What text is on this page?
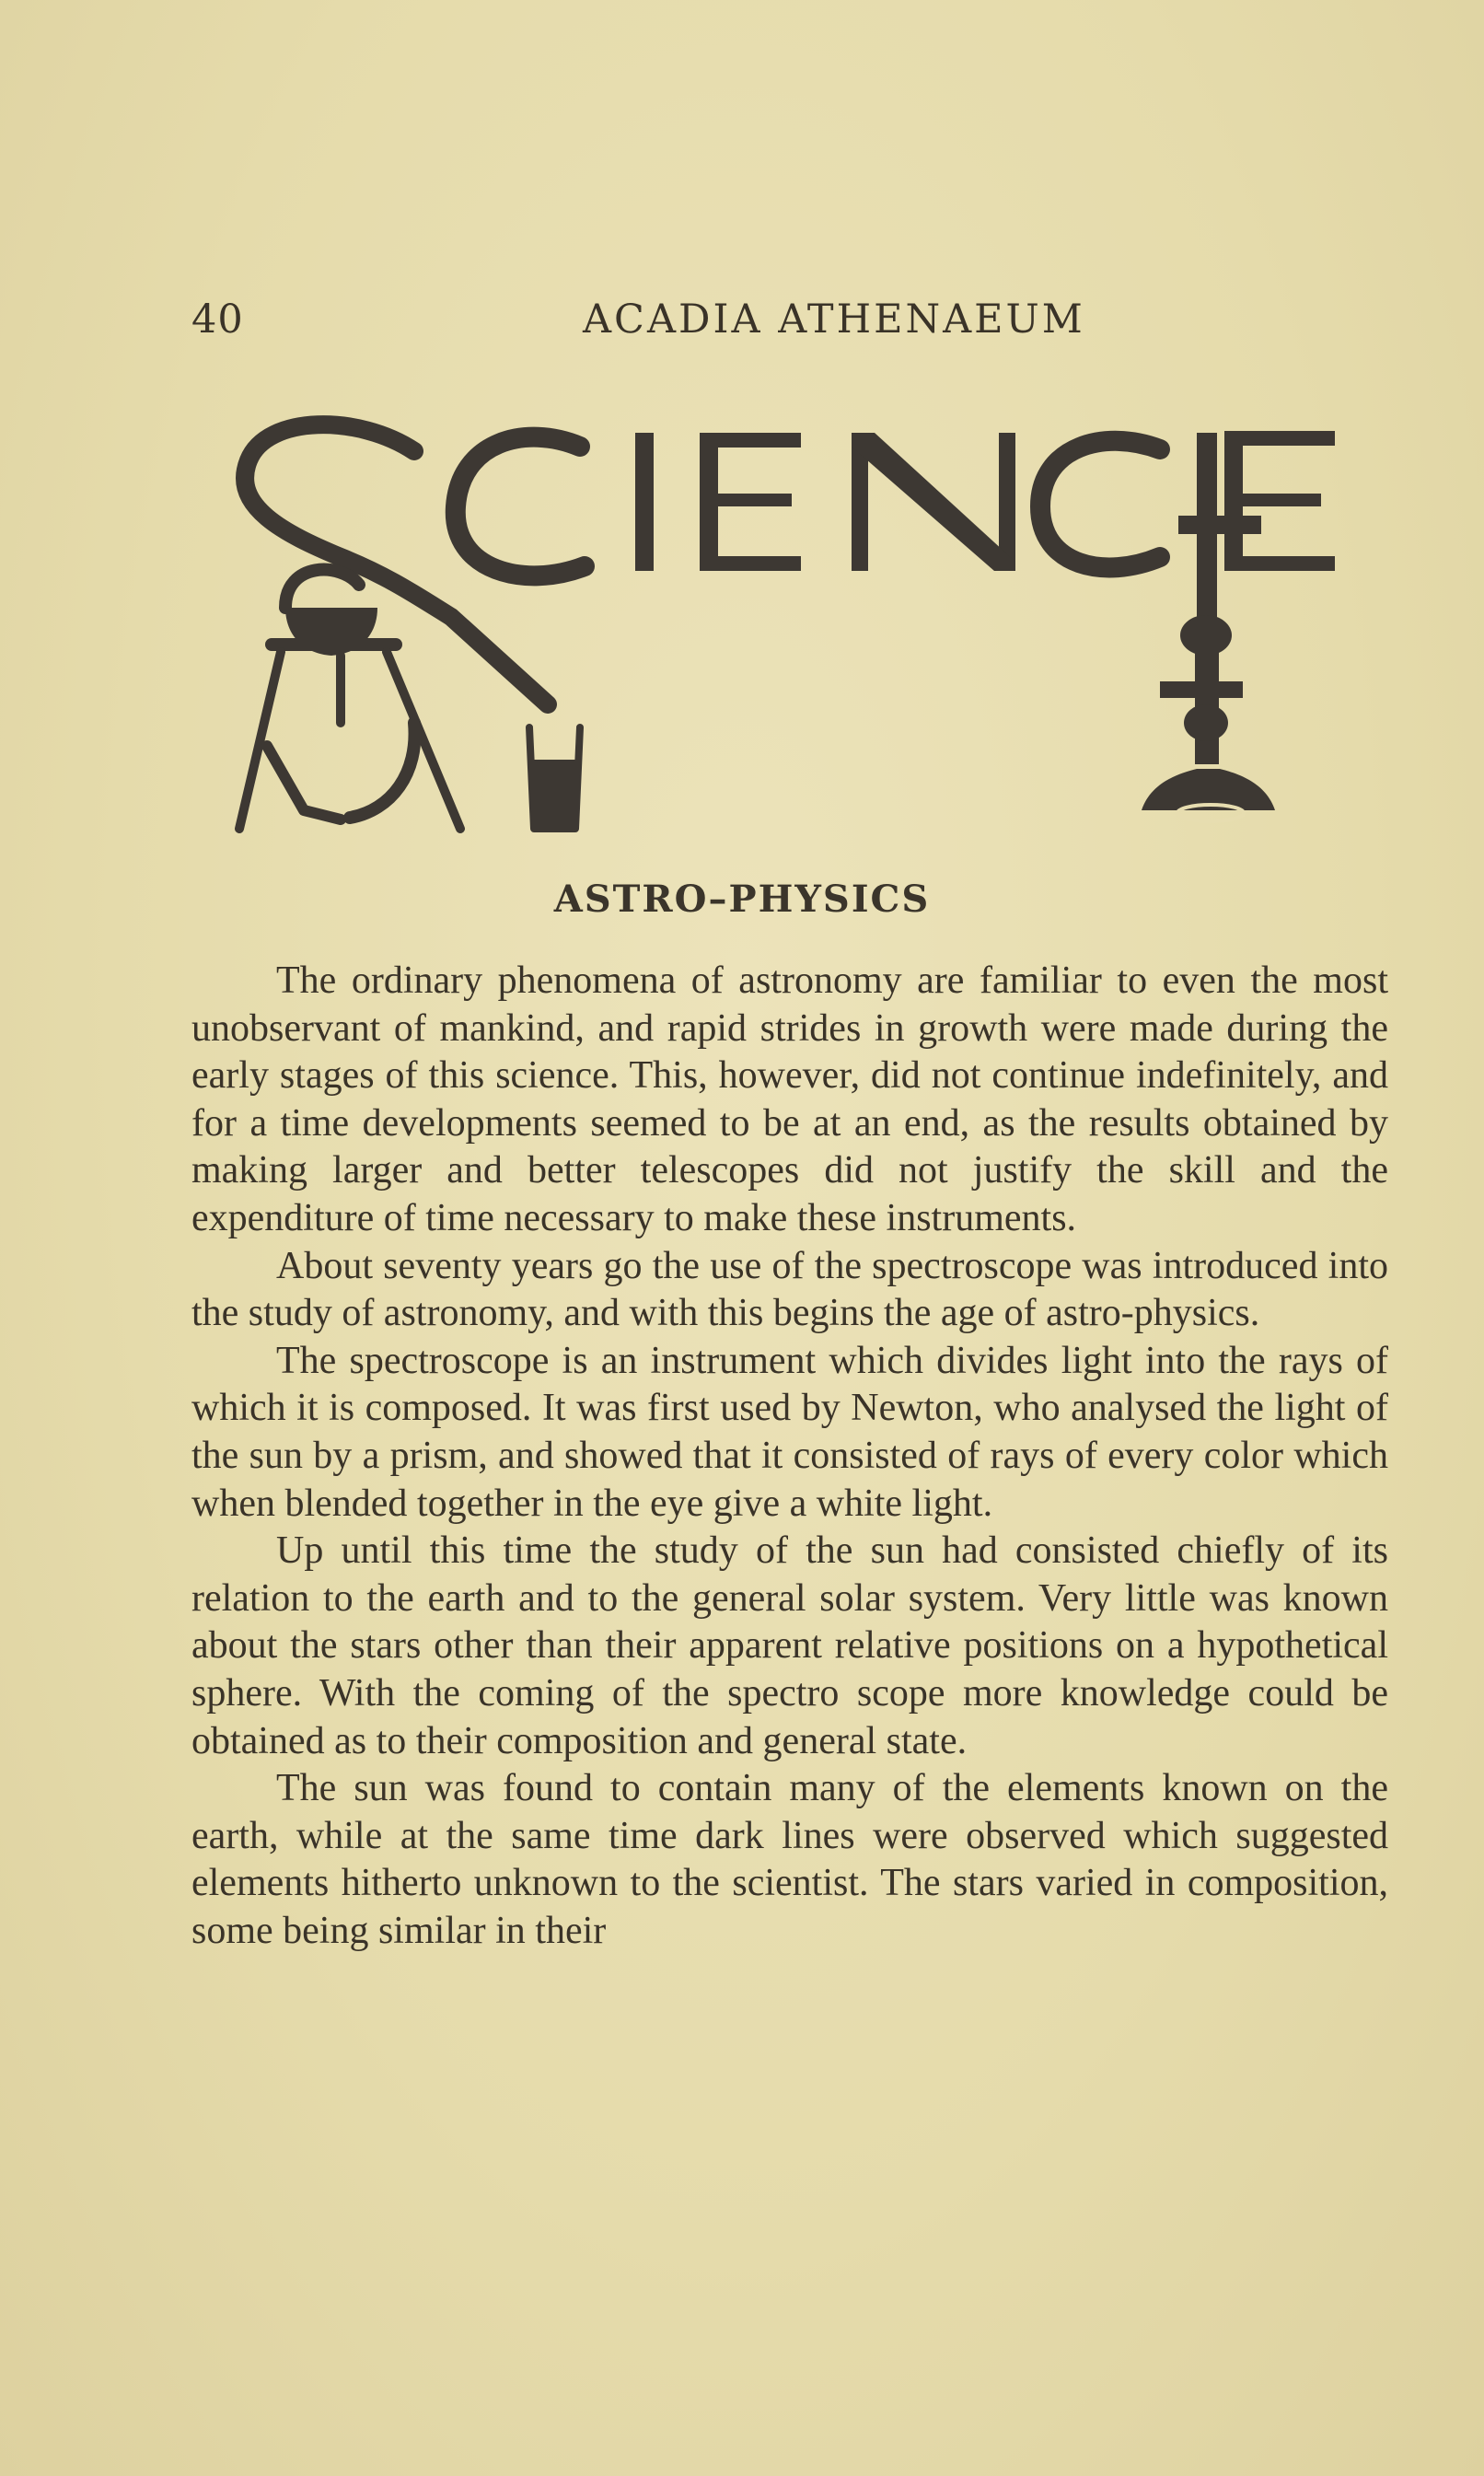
40	ACADIA ATHENAEUM
ASTRO–PHYSICS

The ordinary phenomena of astronomy are familiar to even the most unobservant of mankind, and rapid strides in growth were made during the early stages of this science. This, however, did not continue indefinitely, and for a time developments seemed to be at an end, as the results obtained by making larger and better telescopes did not justify the skill and the expenditure of time necessary to make these instruments.

About seventy years go the use of the spectroscope was introduced into the study of astronomy, and with this begins the age of astro-physics.

The spectroscope is an instrument which divides light into the rays of which it is composed. It was first used by Newton, who analysed the light of the sun by a prism, and showed that it consisted of rays of every color which when blended together in the eye give a white light.

Up until this time the study of the sun had consisted chiefly of its relation to the earth and to the general solar system. Very little was known about the stars other than their apparent relative positions on a hypothetical sphere. With the coming of the spectro scope more knowledge could be obtained as to their composition and general state.

The sun was found to contain many of the elements known on the earth, while at the same time dark lines were observed which suggested elements hitherto unknown to the scientist. The stars varied in composition, some being similar in their
